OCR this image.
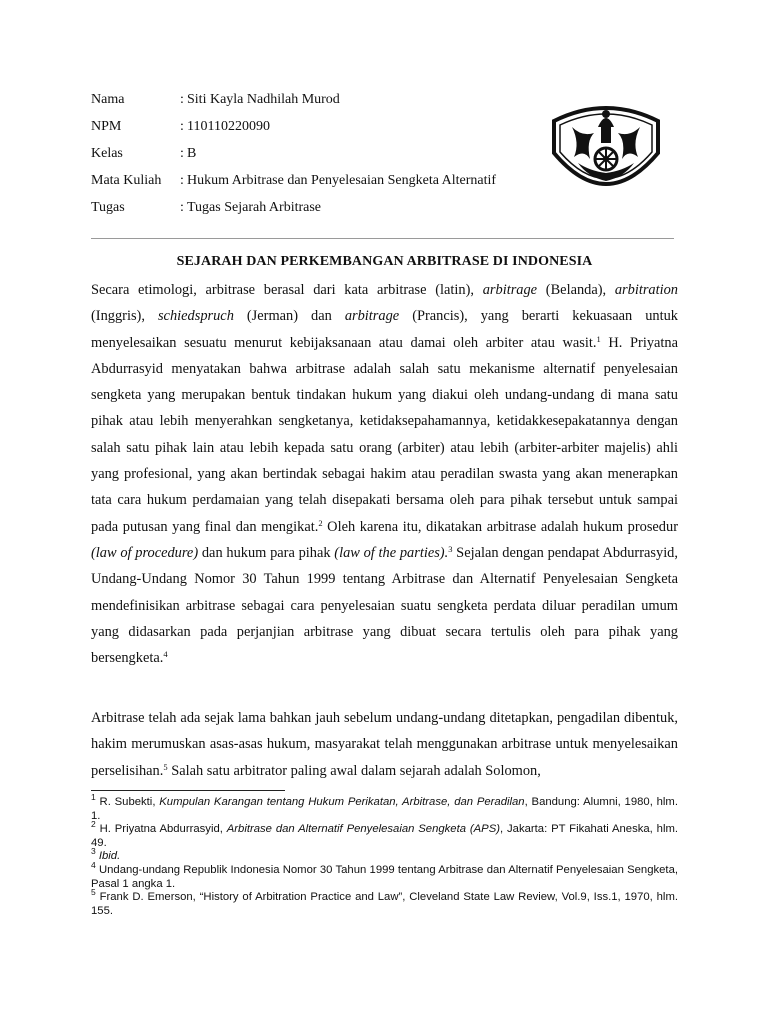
Nama	: Siti Kayla Nadhilah Murod
NPM	: 110110220090
Kelas	: B
Mata Kuliah : Hukum Arbitrase dan Penyelesaian Sengketa Alternatif
Tugas	: Tugas Sejarah Arbitrase
SEJARAH DAN PERKEMBANGAN ARBITRASE DI INDONESIA
Secara etimologi, arbitrase berasal dari kata arbitrase (latin), arbitrage (Belanda), arbitration (Inggris), schiedspruch (Jerman) dan arbitrage (Prancis), yang berarti kekuasaan untuk menyelesaikan sesuatu menurut kebijaksanaan atau damai oleh arbiter atau wasit.$^1$ H. Priyatna Abdurrasyid menyatakan bahwa arbitrase adalah salah satu mekanisme alternatif penyelesaian sengketa yang merupakan bentuk tindakan hukum yang diakui oleh undang-undang di mana satu pihak atau lebih menyerahkan sengketanya, ketidaksepahamannya, ketidakkesepakatannya dengan salah satu pihak lain atau lebih kepada satu orang (arbiter) atau lebih (arbiter-arbiter majelis) ahli yang profesional, yang akan bertindak sebagai hakim atau peradilan swasta yang akan menerapkan tata cara hukum perdamaian yang telah disepakati bersama oleh para pihak tersebut untuk sampai pada putusan yang final dan mengikat.$^2$ Oleh karena itu, dikatakan arbitrase adalah hukum prosedur (law of procedure) dan hukum para pihak (law of the parties).$^3$ Sejalan dengan pendapat Abdurrasyid, Undang-Undang Nomor 30 Tahun 1999 tentang Arbitrase dan Alternatif Penyelesaian Sengketa mendefinisikan arbitrase sebagai cara penyelesaian suatu sengketa perdata diluar peradilan umum yang didasarkan pada perjanjian arbitrase yang dibuat secara tertulis oleh para pihak yang bersengketa.$^4$
Arbitrase telah ada sejak lama bahkan jauh sebelum undang-undang ditetapkan, pengadilan dibentuk, hakim merumuskan asas-asas hukum, masyarakat telah menggunakan arbitrase untuk menyelesaikan perselisihan.$^5$ Salah satu arbitrator paling awal dalam sejarah adalah Solomon,
$^1$ R. Subekti, Kumpulan Karangan tentang Hukum Perikatan, Arbitrase, dan Peradilan, Bandung: Alumni, 1980, hlm. 1.
$^2$ H. Priyatna Abdurrasyid, Arbitrase dan Alternatif Penyelesaian Sengketa (APS), Jakarta: PT Fikahati Aneska, hlm. 49.
$^3$ Ibid.
$^4$ Undang-undang Republik Indonesia Nomor 30 Tahun 1999 tentang Arbitrase dan Alternatif Penyelesaian Sengketa, Pasal 1 angka 1.
$^5$ Frank D. Emerson, “History of Arbitration Practice and Law”, Cleveland State Law Review, Vol.9, Iss.1, 1970, hlm. 155.
